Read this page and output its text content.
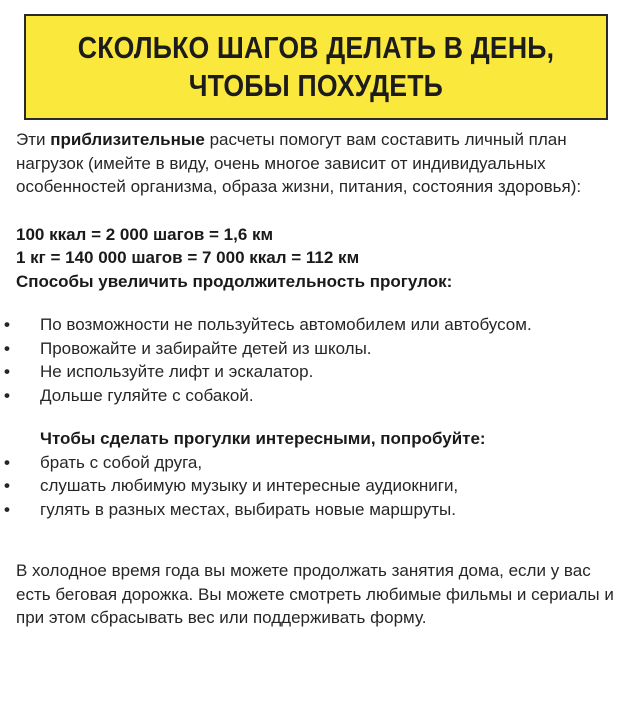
СКОЛЬКО ШАГОВ ДЕЛАТЬ В ДЕНЬ,
ЧТОБЫ ПОХУДЕТЬ

Эти приблизительные расчеты помогут вам составить личный план нагрузок (имейте в виду, очень многое зависит от индивидуальных особенностей организма, образа жизни, питания, состояния здоровья):

100 ккал = 2 000 шагов = 1,6 км
1 кг = 140 000 шагов = 7 000 ккал = 112 км
Способы увеличить продолжительность прогулок:
• По возможности не пользуйтесь автомобилем или автобусом.
• Провожайте и забирайте детей из школы.
• Не используйте лифт и эскалатор.
• Дольше гуляйте с собакой.
Чтобы сделать прогулки интересными, попробуйте:
• брать с собой друга,
• слушать любимую музыку и интересные аудиокниги,
• гулять в разных местах, выбирать новые маршруты.

В холодное время года вы можете продолжать занятия дома, если у вас есть беговая дорожка. Вы можете смотреть любимые фильмы и сериалы и при этом сбрасывать вес или поддерживать форму.
